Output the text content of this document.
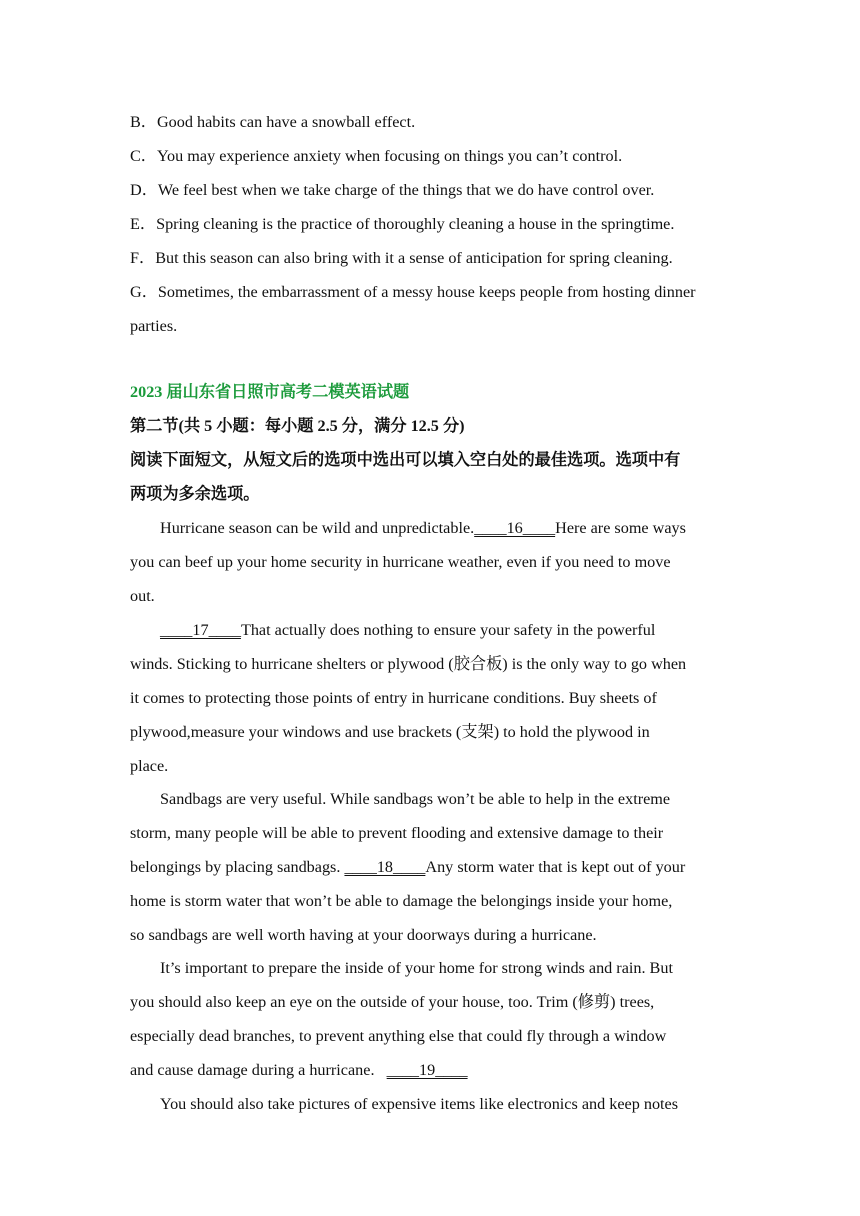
B．Good habits can have a snowball effect.

C．You may experience anxiety when focusing on things you can’t control.

D．We feel best when we take charge of the things that we do have control over.

E．Spring cleaning is the practice of thoroughly cleaning a house in the springtime.

F．But this season can also bring with it a sense of anticipation for spring cleaning.

G．Sometimes, the embarrassment of a messy house keeps people from hosting dinner

parties.

2023 届山东省日照市高考二模英语试题

第二节(共 5 小题：每小题 2.5 分，满分 12.5 分)

阅读下面短文，从短文后的选项中选出可以填入空白处的最佳选项。选项中有

两项为多余选项。

Hurricane season can be wild and unpredictable.____16____Here are some ways

you can beef up your home security in hurricane weather, even if you need to move

out.

____17____That actually does nothing to ensure your safety in the powerful

winds. Sticking to hurricane shelters or plywood (胶合板) is the only way to go when

it comes to protecting those points of entry in hurricane conditions. Buy sheets of

plywood,measure your windows and use brackets (支架) to hold the plywood in

place.

Sandbags are very useful. While sandbags won’t be able to help in the extreme

storm, many people will be able to prevent flooding and extensive damage to their

belongings by placing sandbags. ____18____Any storm water that is kept out of your

home is storm water that won’t be able to damage the belongings inside your home,

so sandbags are well worth having at your doorways during a hurricane.

It’s important to prepare the inside of your home for strong winds and rain. But

you should also keep an eye on the outside of your house, too. Trim (修剪) trees,

especially dead branches, to prevent anything else that could fly through a window

and cause damage during a hurricane.   ____19____

You should also take pictures of expensive items like electronics and keep notes
